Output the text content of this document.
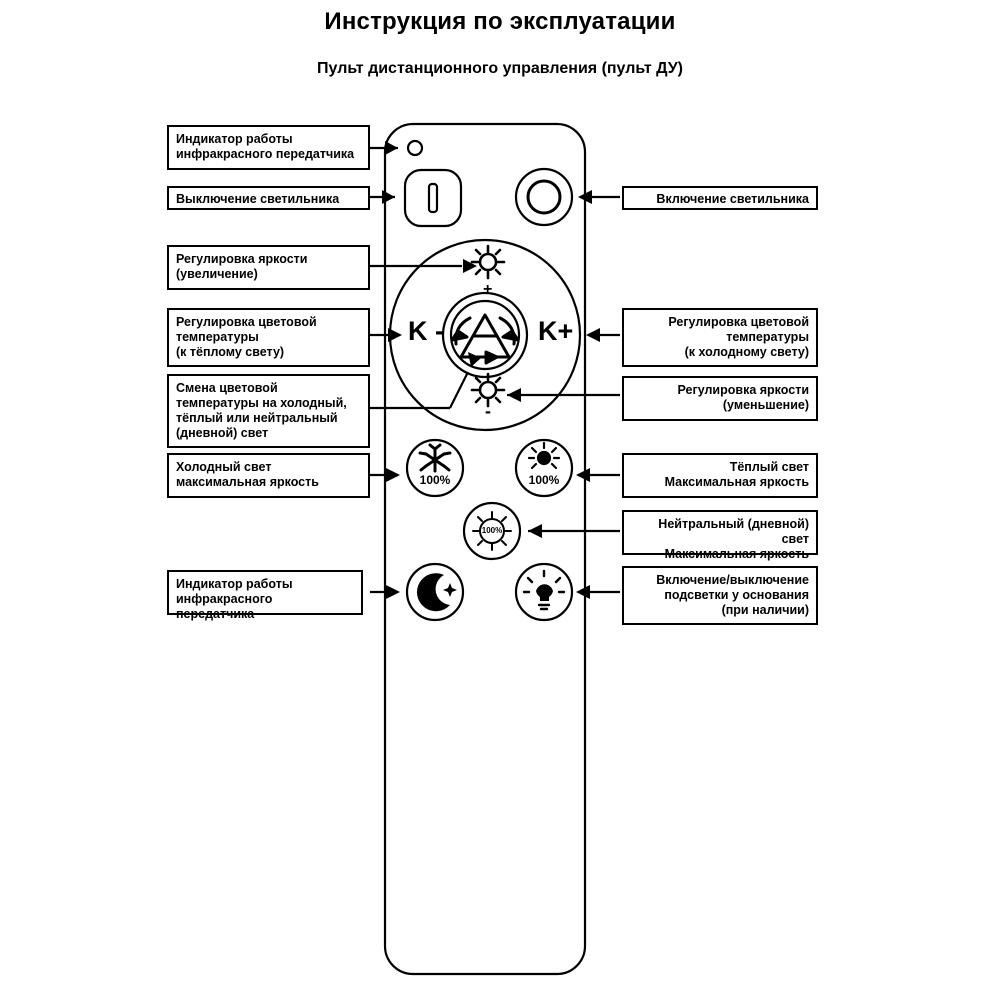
Инструкция по эксплуатации
Пульт дистанционного управления (пульт ДУ)
K -	K+
+
-
100%	100%
100%
Индикатор работы
инфракрасного передатчика
Выключение светильника
Регулировка яркости
(увеличение)
Регулировка цветовой
температуры
(к тёплому свету)
Смена цветовой
температуры на холодный,
тёплый или нейтральный
(дневной) свет
Холодный свет
максимальная яркость
Индикатор работы
инфракрасного передатчика
Включение светильника
Регулировка цветовой
температуры
(к холодному свету)
Регулировка яркости
(уменьшение)
Тёплый свет
Максимальная яркость
Нейтральный (дневной) свет
Максимальная яркость
Включение/выключение
подсветки у основания
(при наличии)
